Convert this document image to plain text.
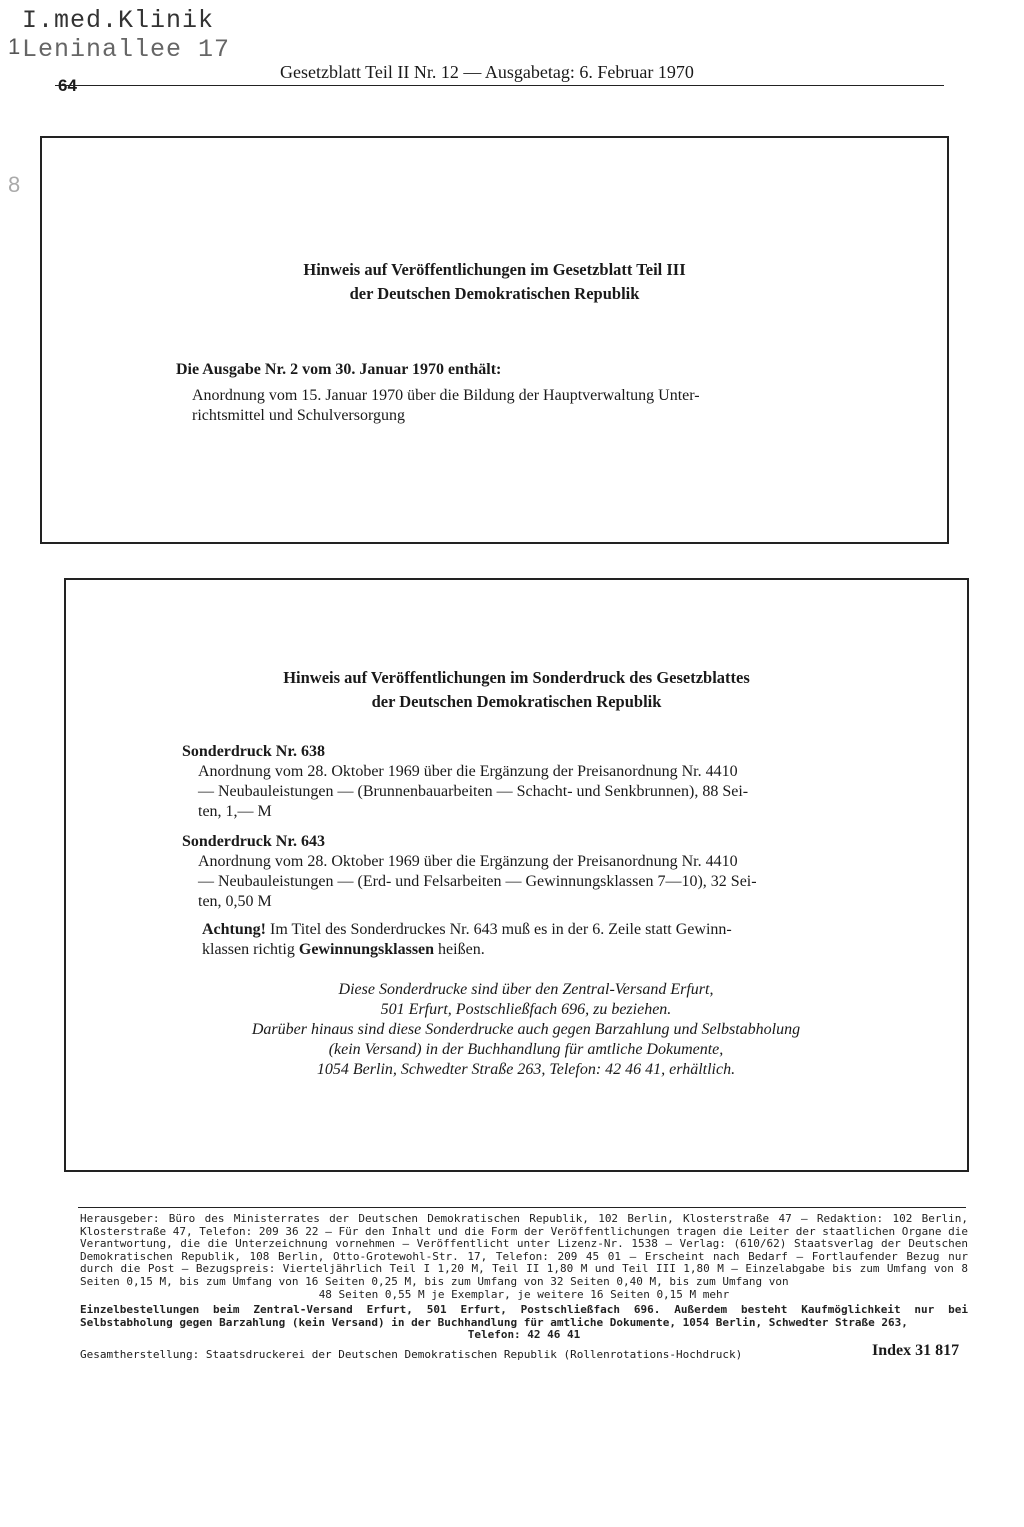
I.med.Klinik
Leninallee 17
1
8
64
Gesetzblatt Teil II Nr. 12 — Ausgabetag: 6. Februar 1970
Hinweis auf Veröffentlichungen im Gesetzblatt Teil III
der Deutschen Demokratischen Republik
Die Ausgabe Nr. 2 vom 30. Januar 1970 enthält:
Anordnung vom 15. Januar 1970 über die Bildung der Hauptverwaltung Unter-
richtsmittel und Schulversorgung
Hinweis auf Veröffentlichungen im Sonderdruck des Gesetzblattes
der Deutschen Demokratischen Republik
Sonderdruck Nr. 638
Anordnung vom 28. Oktober 1969 über die Ergänzung der Preisanordnung Nr. 4410
— Neubauleistungen — (Brunnenbauarbeiten — Schacht- und Senkbrunnen), 88 Sei-
ten, 1,— M
Sonderdruck Nr. 643
Anordnung vom 28. Oktober 1969 über die Ergänzung der Preisanordnung Nr. 4410
— Neubauleistungen — (Erd- und Felsarbeiten — Gewinnungsklassen 7—10), 32 Sei-
ten, 0,50 M
Achtung! Im Titel des Sonderdruckes Nr. 643 muß es in der 6. Zeile statt Gewinn-
klassen richtig Gewinnungsklassen heißen.
Diese Sonderdrucke sind über den Zentral-Versand Erfurt,
501 Erfurt, Postschließfach 696, zu beziehen.
Darüber hinaus sind diese Sonderdrucke auch gegen Barzahlung und Selbstabholung
(kein Versand) in der Buchhandlung für amtliche Dokumente,
1054 Berlin, Schwedter Straße 263, Telefon: 42 46 41, erhältlich.
Herausgeber: Büro des Ministerrates der Deutschen Demokratischen Republik, 102 Berlin, Klosterstraße 47 – Redaktion: 102 Berlin, Klosterstraße 47, Telefon: 209 36 22 – Für den Inhalt und die Form der Veröffentlichungen tragen die Leiter der staatlichen Organe die Verantwortung, die die Unterzeichnung vornehmen – Veröffentlicht unter Lizenz-Nr. 1538 – Verlag: (610/62) Staatsverlag der Deutschen Demokratischen Republik, 108 Berlin, Otto-Grotewohl-Str. 17, Telefon: 209 45 01 – Erscheint nach Bedarf – Fortlaufender Bezug nur durch die Post – Bezugspreis: Vierteljährlich Teil I 1,20 M, Teil II 1,80 M und Teil III 1,80 M – Einzelabgabe bis zum Umfang von 8 Seiten 0,15 M, bis zum Umfang von 16 Seiten 0,25 M, bis zum Umfang von 32 Seiten 0,40 M, bis zum Umfang von
48 Seiten 0,55 M je Exemplar, je weitere 16 Seiten 0,15 M mehr
Einzelbestellungen beim Zentral-Versand Erfurt, 501 Erfurt, Postschließfach 696. Außerdem besteht Kaufmöglichkeit nur bei Selbstabholung gegen Barzahlung (kein Versand) in der Buchhandlung für amtliche Dokumente, 1054 Berlin, Schwedter Straße 263,
Telefon: 42 46 41
Gesamtherstellung: Staatsdruckerei der Deutschen Demokratischen Republik (Rollenrotations-Hochdruck)	Index 31 817
